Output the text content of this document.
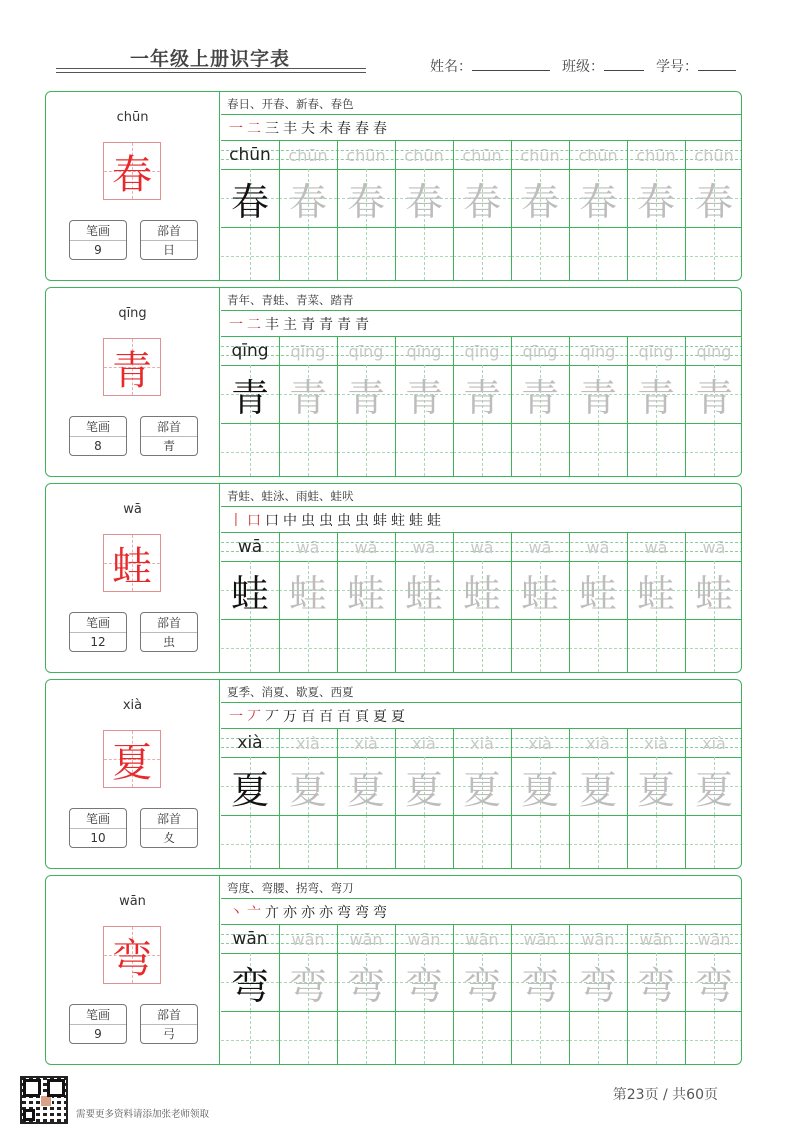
一年级上册识字表	姓名：	班级：	学号：
chūn
春
笔画
9
部首
日
春日、开春、新春、春色
一 二 三 丰 夫 未 春 春 春
chūn	chūn	chūn	chūn	chūn	chūn	chūn	chūn	chūn
春 春 春 春 春 春 春 春 春
qīng
青
笔画
8
部首
青
青年、青蛙、青菜、踏青
一 二 丰 主 青 青 青 青
qīng	qīng	qīng	qīng	qīng	qīng	qīng	qīng	qīng
青 青 青 青 青 青 青 青 青
wā
蛙
笔画
12
部首
虫
青蛙、蛙泳、雨蛙、蛙吠
丨 口 口 中 虫 虫 虫 虫 蚌 蛀 蛙 蛙
wā	wā	wā	wā	wā	wā	wā	wā	wā
蛙 蛙 蛙 蛙 蛙 蛙 蛙 蛙 蛙
xià
夏
笔画
10
部首
夊
夏季、消夏、歇夏、西夏
一 丆 丆 万 百 百 百 頁 夏 夏
xià	xià	xià	xià	xià	xià	xià	xià	xià
夏 夏 夏 夏 夏 夏 夏 夏 夏
wān
弯
笔画
9
部首
弓
弯度、弯腰、拐弯、弯刀
丶 亠 亣 亦 亦 亦 弯 弯 弯
wān	wān	wān	wān	wān	wān	wān	wān	wān
弯 弯 弯 弯 弯 弯 弯 弯 弯
需要更多资料请添加张老师领取
第23页 / 共60页
